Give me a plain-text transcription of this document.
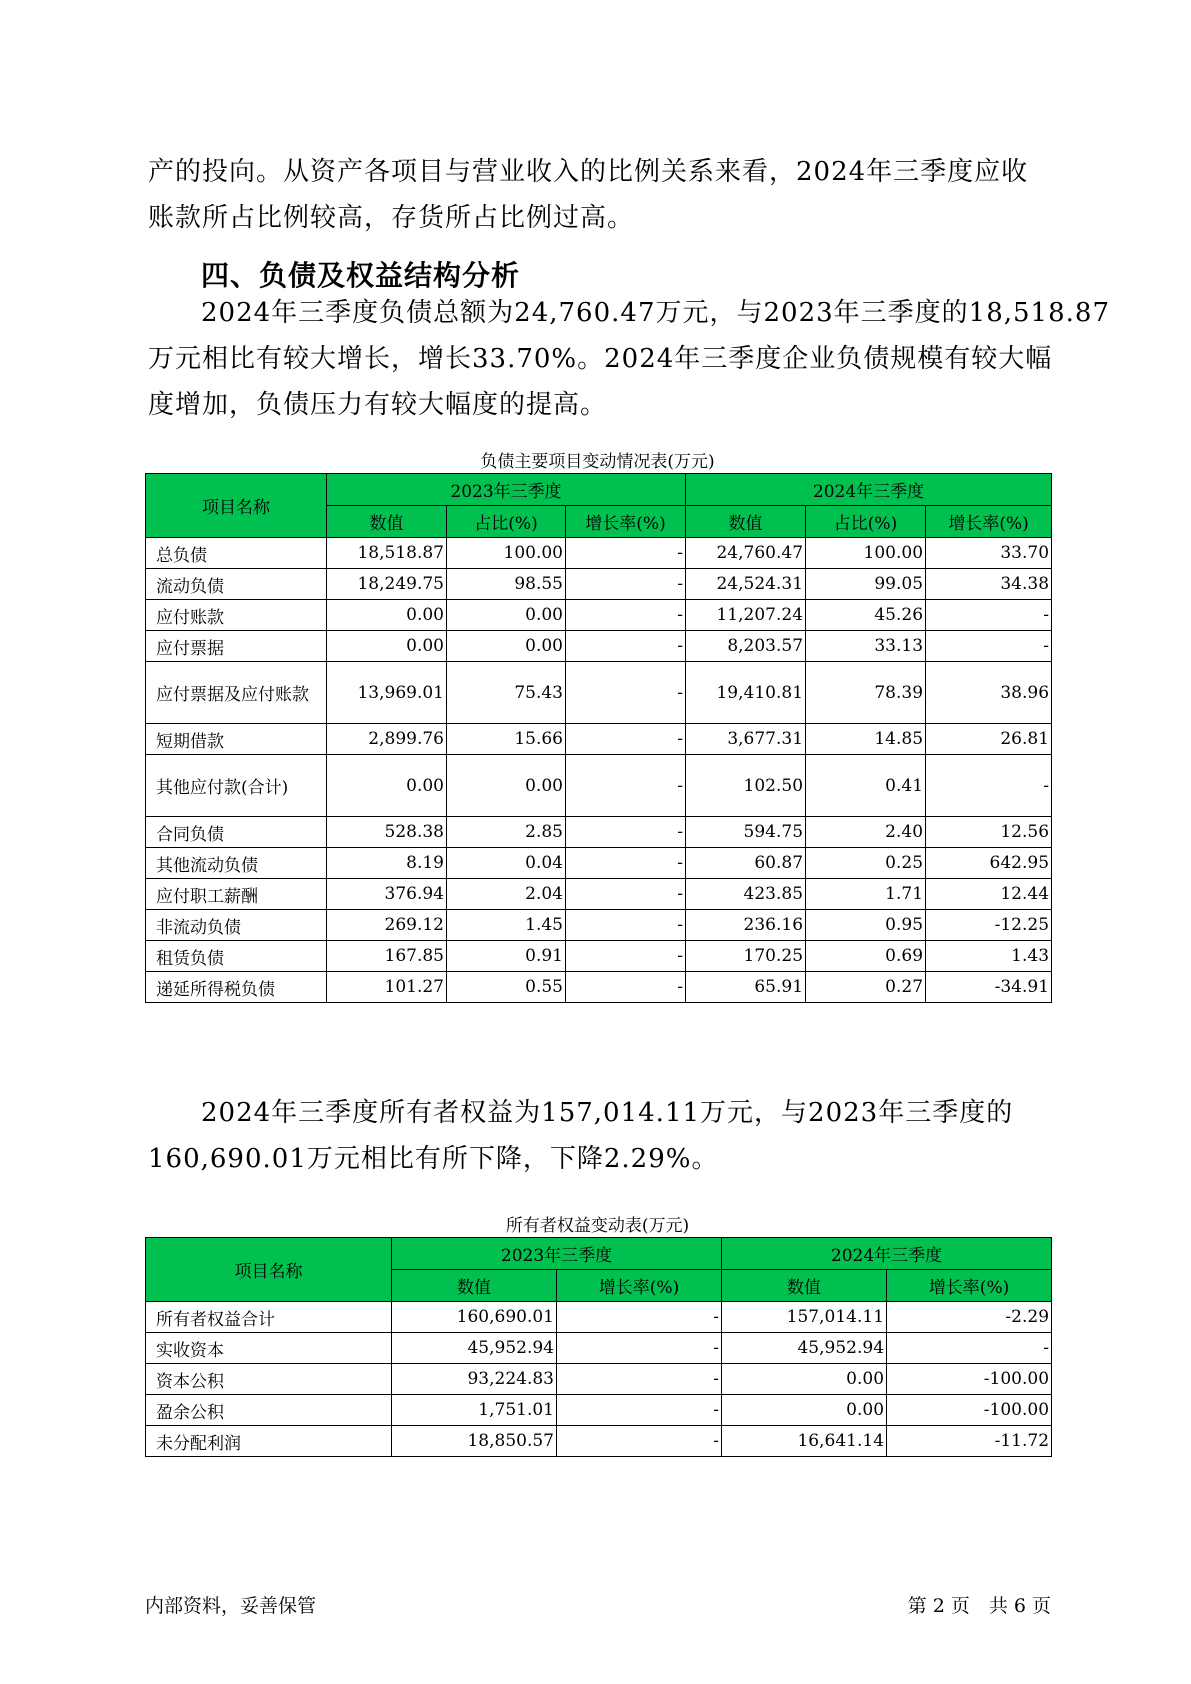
产的投向。从资产各项目与营业收入的比例关系来看，2024年三季度应收
账款所占比例较高，存货所占比例过高。
四、负债及权益结构分析
2024年三季度负债总额为24,760.47万元，与2023年三季度的18,518.87
万元相比有较大增长，增长33.70%。2024年三季度企业负债规模有较大幅
度增加，负债压力有较大幅度的提高。
负债主要项目变动情况表(万元)
项目名称	2023年三季度			2024年三季度		
	数值	占比(%)	增长率(%)	数值	占比(%)	增长率(%)
总负债	18,518.87	100.00	-	24,760.47	100.00	33.70
流动负债	18,249.75	98.55	-	24,524.31	99.05	34.38
应付账款	0.00	0.00	-	11,207.24	45.26	-
应付票据	0.00	0.00	-	8,203.57	33.13	-
应付票据及应付账款	13,969.01	75.43	-	19,410.81	78.39	38.96
短期借款	2,899.76	15.66	-	3,677.31	14.85	26.81
其他应付款(合计)	0.00	0.00	-	102.50	0.41	-
合同负债	528.38	2.85	-	594.75	2.40	12.56
其他流动负债	8.19	0.04	-	60.87	0.25	642.95
应付职工薪酬	376.94	2.04	-	423.85	1.71	12.44
非流动负债	269.12	1.45	-	236.16	0.95	-12.25
租赁负债	167.85	0.91	-	170.25	0.69	1.43
递延所得税负债	101.27	0.55	-	65.91	0.27	-34.91
2024年三季度所有者权益为157,014.11万元，与2023年三季度的
160,690.01万元相比有所下降，下降2.29%。
所有者权益变动表(万元)
项目名称	2023年三季度		2024年三季度	
	数值	增长率(%)	数值	增长率(%)
所有者权益合计	160,690.01	-	157,014.11	-2.29
实收资本	45,952.94	-	45,952.94	-
资本公积	93,224.83	-	0.00	-100.00
盈余公积	1,751.01	-	0.00	-100.00
未分配利润	18,850.57	-	16,641.14	-11.72
内部资料，妥善保管	第 2 页　共 6 页
